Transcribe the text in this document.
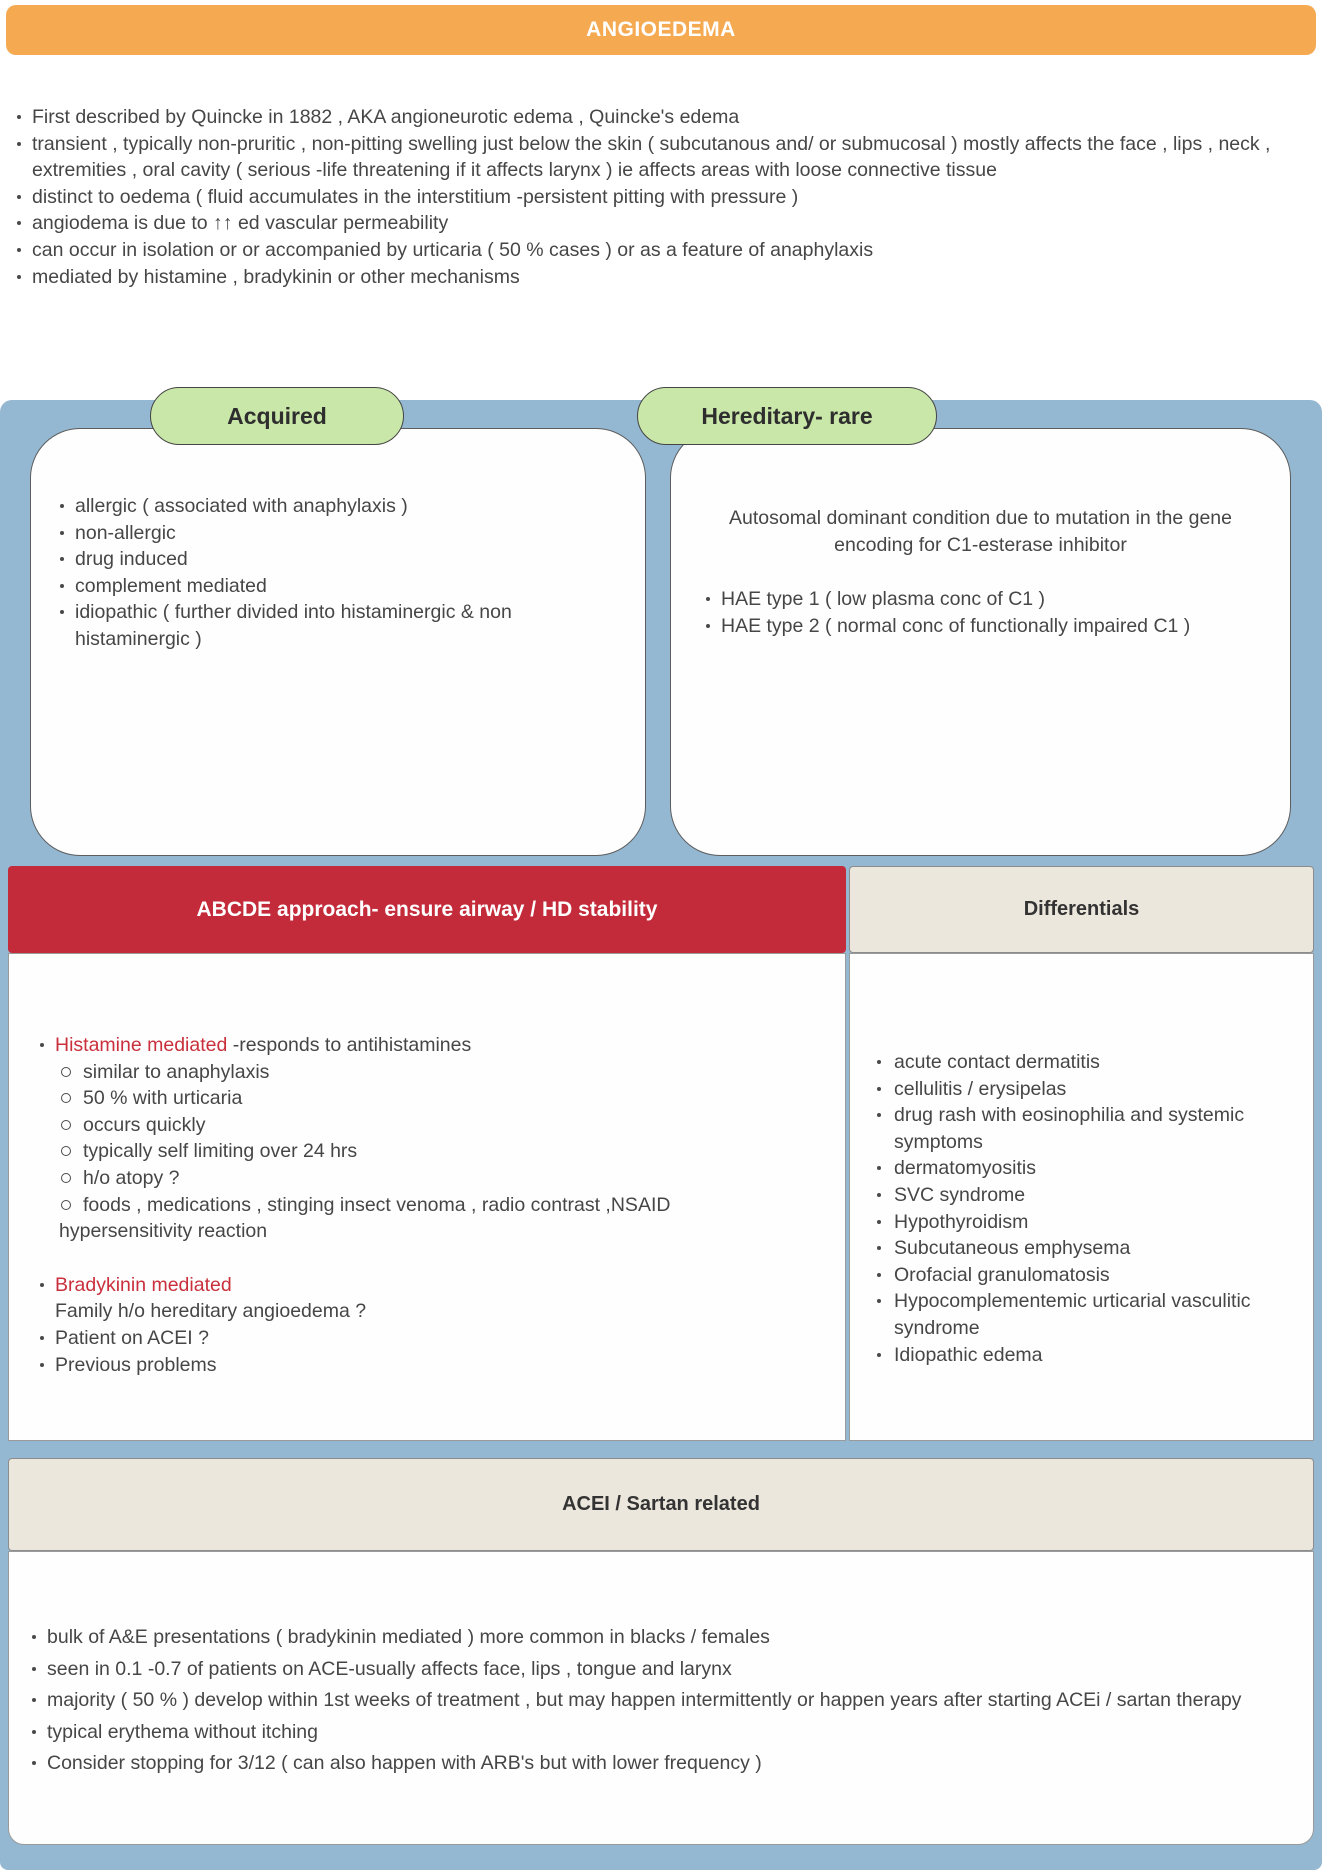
ANGIOEDEMA
First described by Quincke in 1882 , AKA angioneurotic edema , Quincke's edema
transient , typically non-pruritic , non-pitting swelling just below the skin ( subcutanous and/ or submucosal ) mostly affects the face , lips , neck , extremities , oral cavity ( serious -life threatening if it affects larynx ) ie affects areas with loose connective tissue
distinct to oedema ( fluid accumulates in the interstitium -persistent pitting with pressure )
angiodema is due to ↑↑ ed vascular permeability
can occur in isolation or or accompanied by urticaria ( 50 % cases ) or as a feature of anaphylaxis
mediated by histamine , bradykinin or other mechanisms
Acquired	Hereditary- rare
allergic ( associated with anaphylaxis )
non-allergic
drug induced
complement mediated
idiopathic ( further divided into histaminergic & non histaminergic )

Autosomal dominant condition due to mutation in the gene encoding for C1-esterase inhibitor

HAE type 1 ( low plasma conc of C1 )
HAE type 2 ( normal conc of functionally impaired C1 )
ABCDE approach- ensure airway / HD stability	Differentials
Histamine mediated -responds to antihistamines
similar to anaphylaxis
50 % with urticaria
occurs quickly
typically self limiting over 24 hrs
h/o atopy ?
foods , medications , stinging insect venoma , radio contrast ,NSAID
hypersensitivity reaction
Bradykinin mediated
Family h/o hereditary angioedema ?
Patient on ACEI ?
Previous problems
acute contact dermatitis
cellulitis / erysipelas
drug rash with eosinophilia and systemic symptoms
dermatomyositis
SVC syndrome
Hypothyroidism
Subcutaneous emphysema
Orofacial granulomatosis
Hypocomplementemic urticarial vasculitic syndrome
Idiopathic edema
ACEI / Sartan related
bulk of A&E presentations ( bradykinin mediated ) more common in blacks / females
seen in 0.1 -0.7 of patients on ACE-usually affects face, lips , tongue and larynx
majority ( 50 % ) develop within 1st weeks of treatment , but may happen intermittently or happen years after starting ACEi / sartan therapy
typical erythema without itching
Consider stopping for 3/12 ( can also happen with ARB's but with lower frequency )
